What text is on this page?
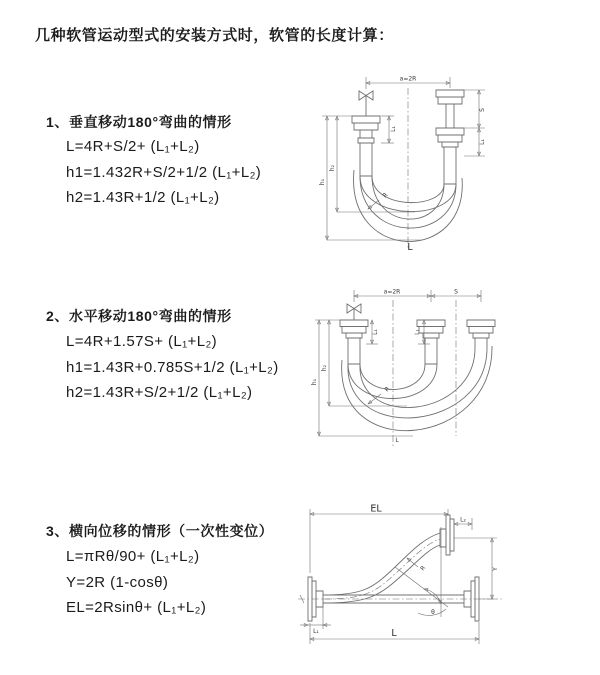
几种软管运动型式的安装方式时，软管的长度计算：
1、垂直移动180°弯曲的情形
L=4R+S/2+ (L₁+L₂)
h1=1.432R+S/2+1/2 (L₁+L₂)
h2=1.43R+1/2 (L₁+L₂)
2、水平移动180°弯曲的情形
L=4R+1.57S+ (L₁+L₂)
h1=1.43R+0.785S+1/2 (L₁+L₂)
h2=1.43R+S/2+1/2 (L₁+L₂)
3、横向位移的情形（一次性变位）
L=πRθ/90+ (L₁+L₂)
Y=2R (1-cosθ)
EL=2Rsinθ+ (L₁+L₂)
a=2R
h₁
h₂
S
L₁
L₁
R
L
a=2R	S
h₁
h₂
L₁	L₁
R
L
EL
L₂
Y
L
L₁
R
θ
